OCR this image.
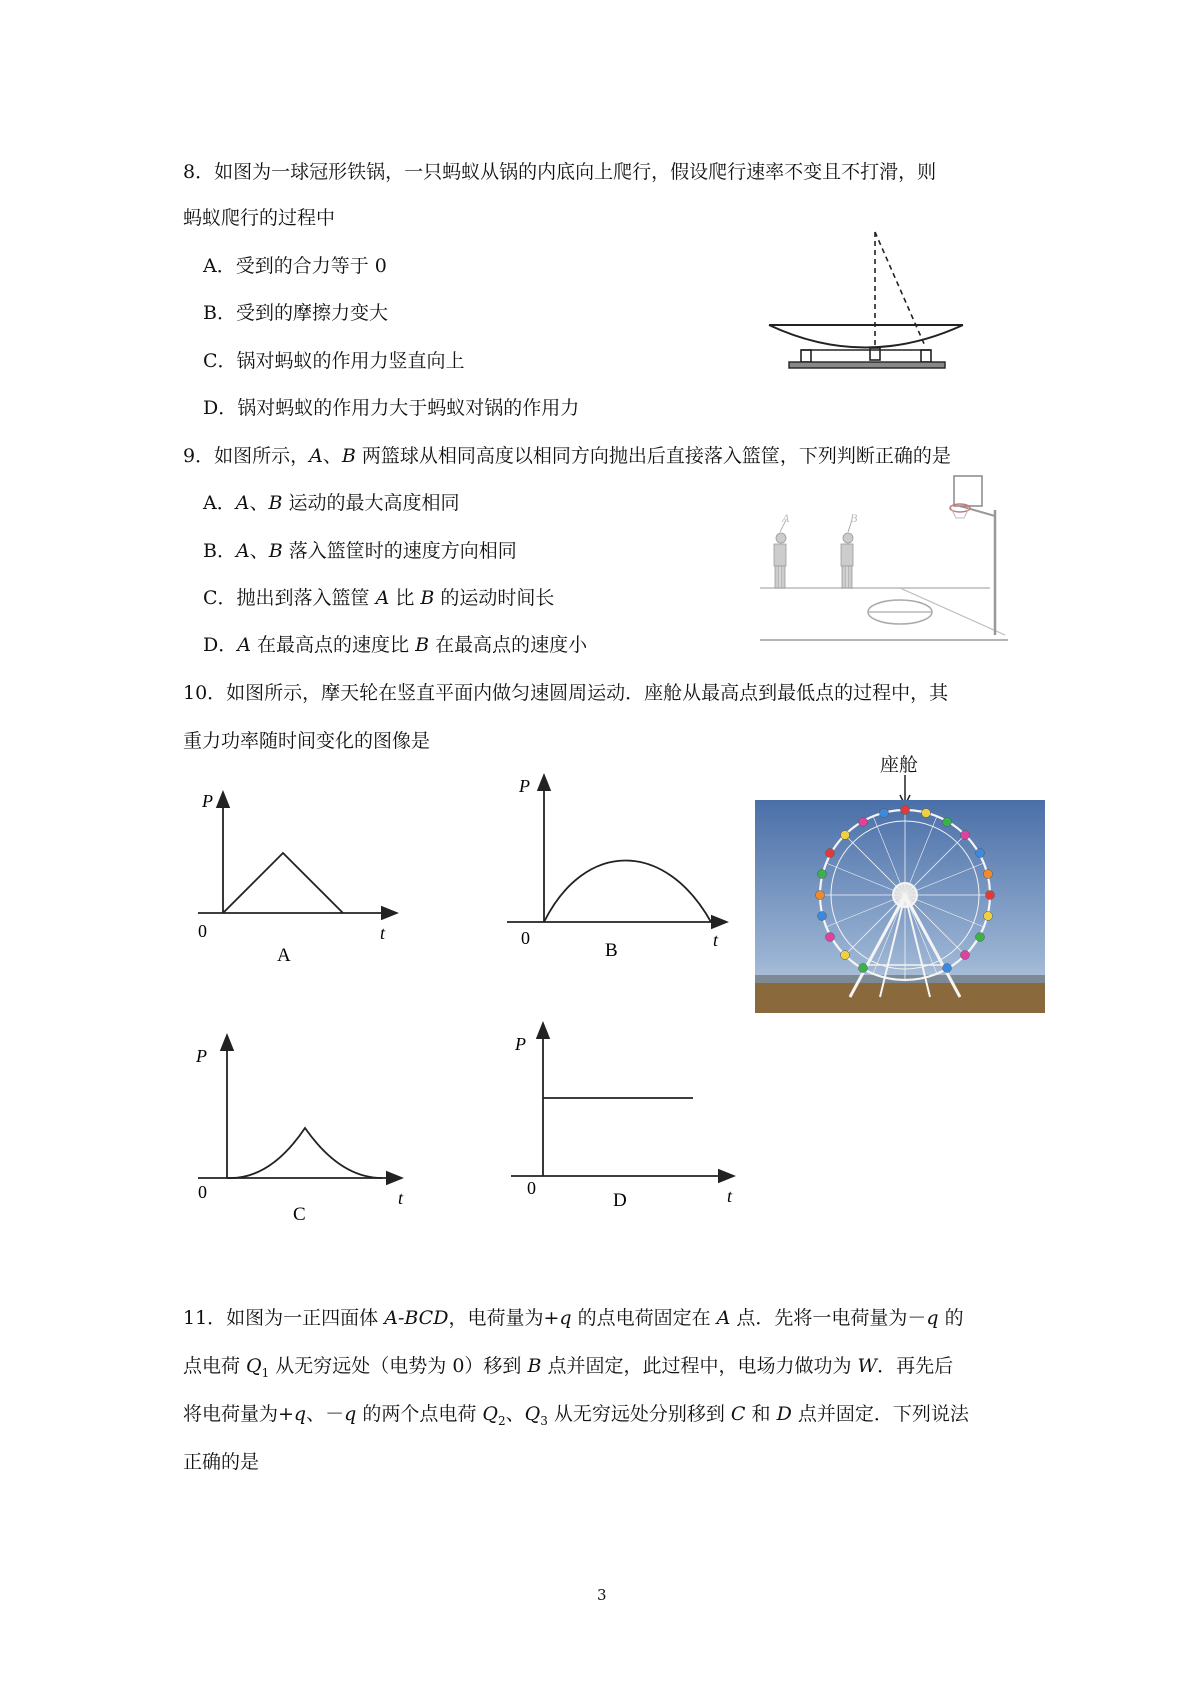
8．如图为一球冠形铁锅，一只蚂蚁从锅的内底向上爬行，假设爬行速率不变且不打滑，则
蚂蚁爬行的过程中
A．受到的合力等于 0
B．受到的摩擦力变大
C．锅对蚂蚁的作用力竖直向上
D．锅对蚂蚁的作用力大于蚂蚁对锅的作用力
9．如图所示，A、B 两篮球从相同高度以相同方向抛出后直接落入篮筐，下列判断正确的是
A．A、B 运动的最大高度相同
B．A、B 落入篮筐时的速度方向相同
C．抛出到落入篮筐 A 比 B 的运动时间长
D．A 在最高点的速度比 B 在最高点的速度小
A	B
10．如图所示，摩天轮在竖直平面内做匀速圆周运动．座舱从最高点到最低点的过程中，其
重力功率随时间变化的图像是
P
0	t
A
P
0	t
B
座舱
P
0	t
C
P
0	t
D
11．如图为一正四面体 A-BCD，电荷量为+q 的点电荷固定在 A 点．先将一电荷量为－q 的
点电荷 $Q_1$ 从无穷远处（电势为 0）移到 B 点并固定，此过程中，电场力做功为 W．再先后
将电荷量为+q、－q 的两个点电荷 $Q_2$、$Q_3$ 从无穷远处分别移到 C 和 D 点并固定．下列说法
正确的是
3
